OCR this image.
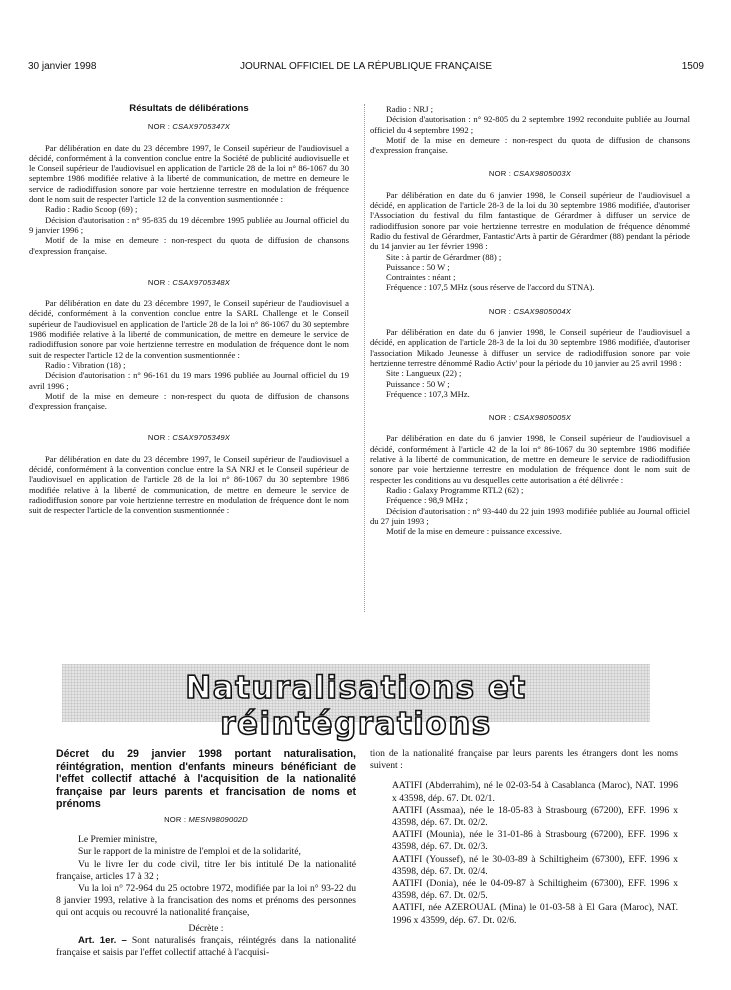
30 janvier 1998	JOURNAL OFFICIEL DE LA RÉPUBLIQUE FRANÇAISE	1509
Résultats de délibérations
NOR : CSAX9705347X

Par délibération en date du 23 décembre 1997, le Conseil supérieur de l'audiovisuel a décidé, conformément à la convention conclue entre la Société de publicité audiovisuelle et le Conseil supérieur de l'audiovisuel en application de l'article 28 de la loi n° 86-1067 du 30 septembre 1986 modifiée relative à la liberté de communication, de mettre en demeure le service de radiodiffusion sonore par voie hertzienne terrestre en modulation de fréquence dont le nom suit de respecter l'article 12 de la convention susmentionnée :

Radio : Radio Scoop (69) ;

Décision d'autorisation : n° 95-835 du 19 décembre 1995 publiée au Journal officiel du 9 janvier 1996 ;

Motif de la mise en demeure : non-respect du quota de diffusion de chansons d'expression française.

NOR : CSAX9705348X

Par délibération en date du 23 décembre 1997, le Conseil supérieur de l'audiovisuel a décidé, conformément à la convention conclue entre la SARL Challenge et le Conseil supérieur de l'audiovisuel en application de l'article 28 de la loi n° 86-1067 du 30 septembre 1986 modifiée relative à la liberté de communication, de mettre en demeure le service de radiodiffusion sonore par voie hertzienne terrestre en modulation de fréquence dont le nom suit de respecter l'article 12 de la convention susmentionnée :

Radio : Vibration (18) ;

Décision d'autorisation : n° 96-161 du 19 mars 1996 publiée au Journal officiel du 19 avril 1996 ;

Motif de la mise en demeure : non-respect du quota de diffusion de chansons d'expression française.

NOR : CSAX9705349X

Par délibération en date du 23 décembre 1997, le Conseil supérieur de l'audiovisuel a décidé, conformément à la convention conclue entre la SA NRJ et le Conseil supérieur de l'audiovisuel en application de l'article 28 de la loi n° 86-1067 du 30 septembre 1986 modifiée relative à la liberté de communication, de mettre en demeure le service de radiodiffusion sonore par voie hertzienne terrestre en modulation de fréquence dont le nom suit de respecter l'article de la convention susmentionnée :

Radio : NRJ ;

Décision d'autorisation : n° 92-805 du 2 septembre 1992 reconduite publiée au Journal officiel du 4 septembre 1992 ;

Motif de la mise en demeure : non-respect du quota de diffusion de chansons d'expression française.

NOR : CSAX9805003X

Par délibération en date du 6 janvier 1998, le Conseil supérieur de l'audiovisuel a décidé, en application de l'article 28-3 de la loi du 30 septembre 1986 modifiée, d'autoriser l'Association du festival du film fantastique de Gérardmer à diffuser un service de radiodiffusion sonore par voie hertzienne terrestre en modulation de fréquence dénommé Radio du festival de Gérardmer, Fantastic'Arts à partir de Gérardmer (88) pendant la période du 14 janvier au 1er février 1998 :

Site : à partir de Gérardmer (88) ;

Puissance : 50 W ;

Contraintes : néant ;

Fréquence : 107,5 MHz (sous réserve de l'accord du STNA).

NOR : CSAX9805004X

Par délibération en date du 6 janvier 1998, le Conseil supérieur de l'audiovisuel a décidé, en application de l'article 28-3 de la loi du 30 septembre 1986 modifiée, d'autoriser l'association Mikado Jeunesse à diffuser un service de radiodiffusion sonore par voie hertzienne terrestre dénommé Radio Activ' pour la période du 10 janvier au 25 avril 1998 :

Site : Langueux (22) ;

Puissance : 50 W ;

Fréquence : 107,3 MHz.

NOR : CSAX9805005X

Par délibération en date du 6 janvier 1998, le Conseil supérieur de l'audiovisuel a décidé, conformément à l'article 42 de la loi n° 86-1067 du 30 septembre 1986 modifiée relative à la liberté de communication, de mettre en demeure le service de radiodiffusion sonore par voie hertzienne terrestre en modulation de fréquence dont le nom suit de respecter les conditions au vu desquelles cette autorisation a été délivrée :

Radio : Galaxy Programme RTL2 (62) ;

Fréquence : 98,9 MHz ;

Décision d'autorisation : n° 93-440 du 22 juin 1993 modifiée publiée au Journal officiel du 27 juin 1993 ;

Motif de la mise en demeure : puissance excessive.

Naturalisations et réintégrations
Décret du 29 janvier 1998 portant naturalisation, réintégration, mention d'enfants mineurs bénéficiant de l'effet collectif attaché à l'acquisition de la nationalité française par leurs parents et francisation de noms et prénoms
NOR : MESN9809002D

Le Premier ministre,

Sur le rapport de la ministre de l'emploi et de la solidarité,

Vu le livre Ier du code civil, titre Ier bis intitulé De la nationalité française, articles 17 à 32 ;

Vu la loi n° 72-964 du 25 octobre 1972, modifiée par la loi n° 93-22 du 8 janvier 1993, relative à la francisation des noms et prénoms des personnes qui ont acquis ou recouvré la nationalité française,

Décrète :

Art. 1er. – Sont naturalisés français, réintégrés dans la nationalité française et saisis par l'effet collectif attaché à l'acquisi-

tion de la nationalité française par leurs parents les étrangers dont les noms suivent :

AATIFI (Abderrahim), né le 02-03-54 à Casablanca (Maroc), NAT. 1996 x 43598, dép. 67. Dt. 02/1.

AATIFI (Assmaa), née le 18-05-83 à Strasbourg (67200), EFF. 1996 x 43598, dép. 67. Dt. 02/2.

AATIFI (Mounia), née le 31-01-86 à Strasbourg (67200), EFF. 1996 x 43598, dép. 67. Dt. 02/3.

AATIFI (Youssef), né le 30-03-89 à Schiltigheim (67300), EFF. 1996 x 43598, dép. 67. Dt. 02/4.

AATIFI (Donia), née le 04-09-87 à Schiltigheim (67300), EFF. 1996 x 43598, dép. 67. Dt. 02/5.

AATIFI, née AZEROUAL (Mina) le 01-03-58 à El Gara (Maroc), NAT. 1996 x 43599, dép. 67. Dt. 02/6.
